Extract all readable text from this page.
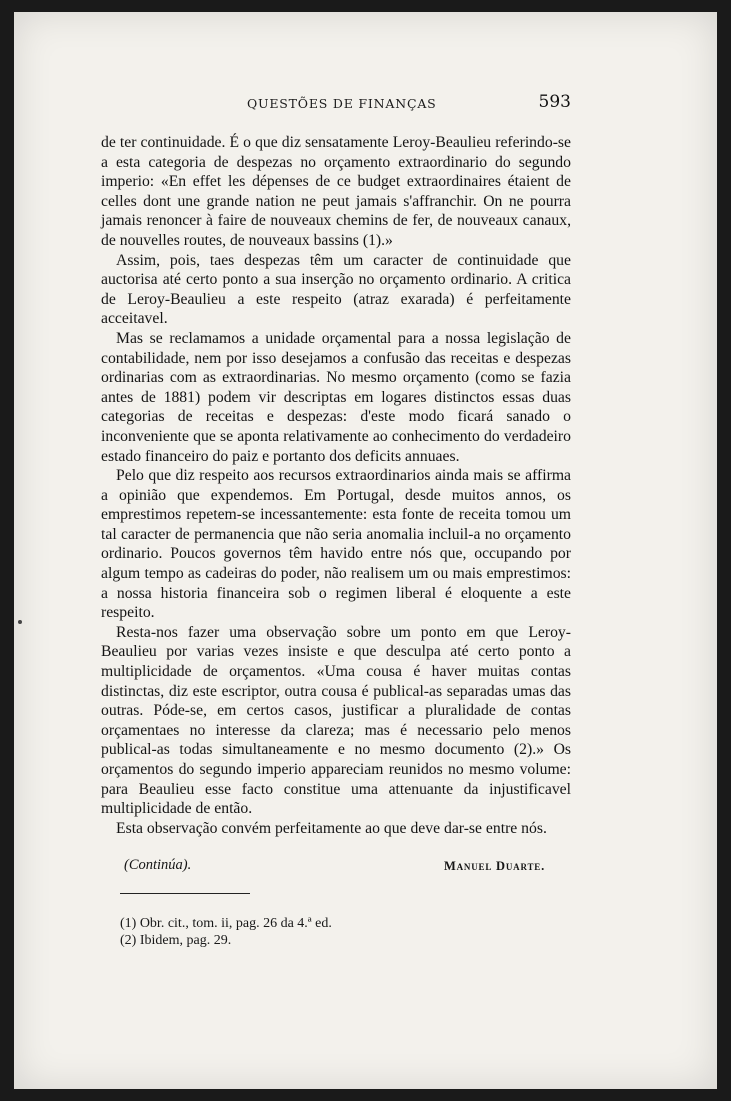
QUESTÕES DE FINANÇAS	593

de ter continuidade. É o que diz sensatamente Leroy-Beaulieu referindo-se a esta categoria de despezas no orçamento extraordinario do segundo imperio: «En effet les dépenses de ce budget extraordinaires étaient de celles dont une grande nation ne peut jamais s'affranchir. On ne pourra jamais renoncer à faire de nouveaux chemins de fer, de nouveaux canaux, de nouvelles routes, de nouveaux bassins (1).»

Assim, pois, taes despezas têm um caracter de continuidade que auctorisa até certo ponto a sua inserção no orçamento ordinario. A critica de Leroy-Beaulieu a este respeito (atraz exarada) é perfeitamente acceitavel.

Mas se reclamamos a unidade orçamental para a nossa legislação de contabilidade, nem por isso desejamos a confusão das receitas e despezas ordinarias com as extraordinarias. No mesmo orçamento (como se fazia antes de 1881) podem vir descriptas em logares distinctos essas duas categorias de receitas e despezas: d'este modo ficará sanado o inconveniente que se aponta relativamente ao conhecimento do verdadeiro estado financeiro do paiz e portanto dos deficits annuaes.

Pelo que diz respeito aos recursos extraordinarios ainda mais se affirma a opinião que expendemos. Em Portugal, desde muitos annos, os emprestimos repetem-se incessantemente: esta fonte de receita tomou um tal caracter de permanencia que não seria anomalia incluil-a no orçamento ordinario. Poucos governos têm havido entre nós que, occupando por algum tempo as cadeiras do poder, não realisem um ou mais emprestimos: a nossa historia financeira sob o regimen liberal é eloquente a este respeito.

Resta-nos fazer uma observação sobre um ponto em que Leroy-Beaulieu por varias vezes insiste e que desculpa até certo ponto a multiplicidade de orçamentos. «Uma cousa é haver muitas contas distinctas, diz este escriptor, outra cousa é publical-as separadas umas das outras. Póde-se, em certos casos, justificar a pluralidade de contas orçamentaes no interesse da clareza; mas é necessario pelo menos publical-as todas simultaneamente e no mesmo documento (2).» Os orçamentos do segundo imperio appareciam reunidos no mesmo volume: para Beaulieu esse facto constitue uma attenuante da injustificavel multiplicidade de então.

Esta observação convém perfeitamente ao que deve dar-se entre nós.

(Continúa).	Manuel Duarte.
(1) Obr. cit., tom. ii, pag. 26 da 4.ª ed.
(2) Ibidem, pag. 29.
